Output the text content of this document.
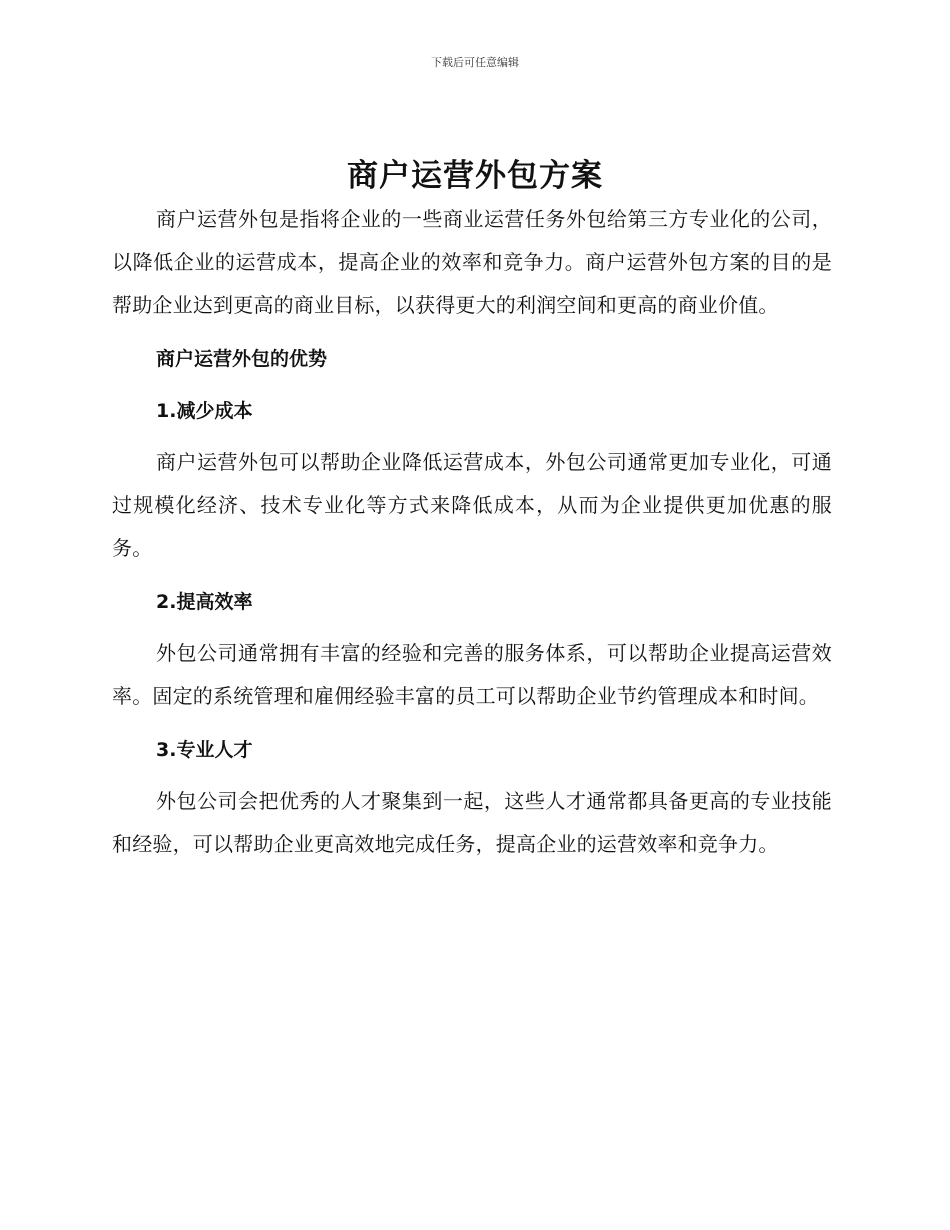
下载后可任意编辑
商户运营外包方案

商户运营外包是指将企业的一些商业运营任务外包给第三方专业化的公司，以降低企业的运营成本，提高企业的效率和竞争力。商户运营外包方案的目的是帮助企业达到更高的商业目标，以获得更大的利润空间和更高的商业价值。

商户运营外包的优势
1.减少成本

商户运营外包可以帮助企业降低运营成本，外包公司通常更加专业化，可通过规模化经济、技术专业化等方式来降低成本，从而为企业提供更加优惠的服务。

2.提高效率

外包公司通常拥有丰富的经验和完善的服务体系，可以帮助企业提高运营效率。固定的系统管理和雇佣经验丰富的员工可以帮助企业节约管理成本和时间。

3.专业人才

外包公司会把优秀的人才聚集到一起，这些人才通常都具备更高的专业技能和经验，可以帮助企业更高效地完成任务，提高企业的运营效率和竞争力。
